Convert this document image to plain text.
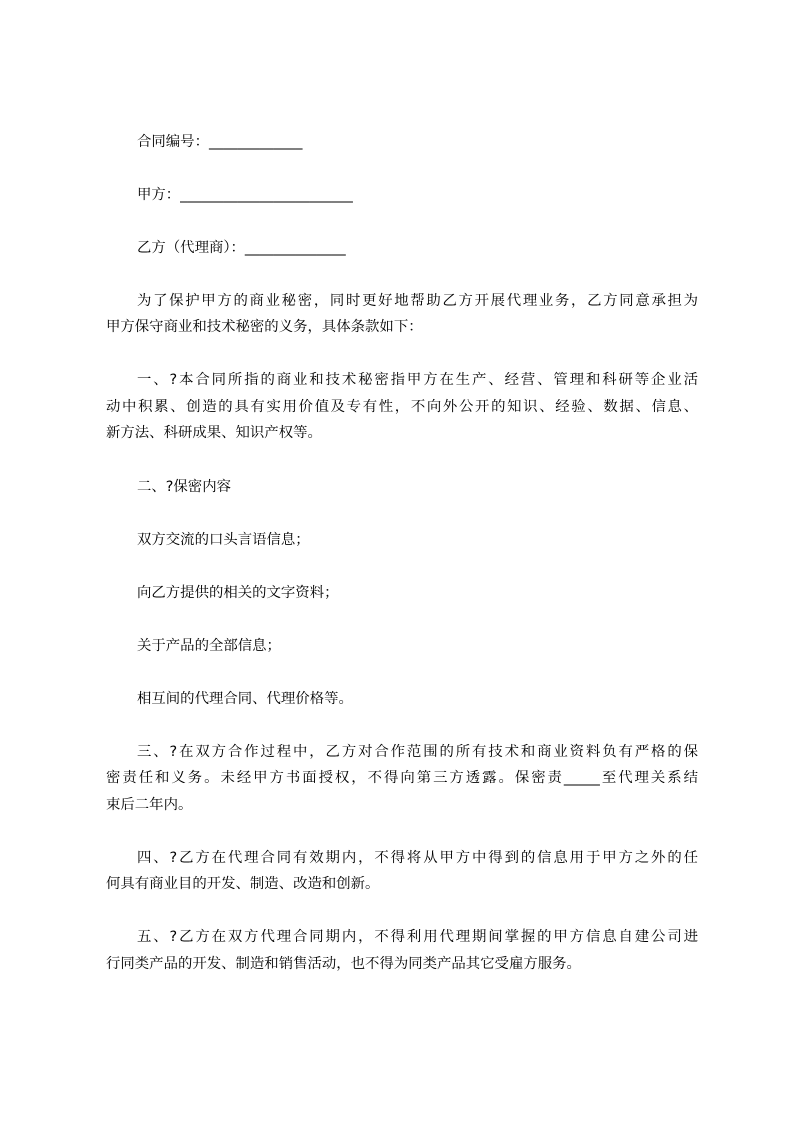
合同编号：_____________
甲方：________________________
乙方（代理商）：______________
为了保护甲方的商业秘密，同时更好地帮助乙方开展代理业务，乙方同意承担为
甲方保守商业和技术秘密的义务，具体条款如下：
一、?本合同所指的商业和技术秘密指甲方在生产、经营、管理和科研等企业活
动中积累、创造的具有实用价值及专有性，不向外公开的知识、经验、数据、信息、
新方法、科研成果、知识产权等。
二、?保密内容
双方交流的口头言语信息；
向乙方提供的相关的文字资料；
关于产品的全部信息；
相互间的代理合同、代理价格等。
三、?在双方合作过程中，乙方对合作范围的所有技术和商业资料负有严格的保
密责任和义务。未经甲方书面授权，不得向第三方透露。保密责_____至代理关系结
束后二年内。
四、?乙方在代理合同有效期内，不得将从甲方中得到的信息用于甲方之外的任
何具有商业目的开发、制造、改造和创新。
五、?乙方在双方代理合同期内，不得利用代理期间掌握的甲方信息自建公司进
行同类产品的开发、制造和销售活动，也不得为同类产品其它受雇方服务。
